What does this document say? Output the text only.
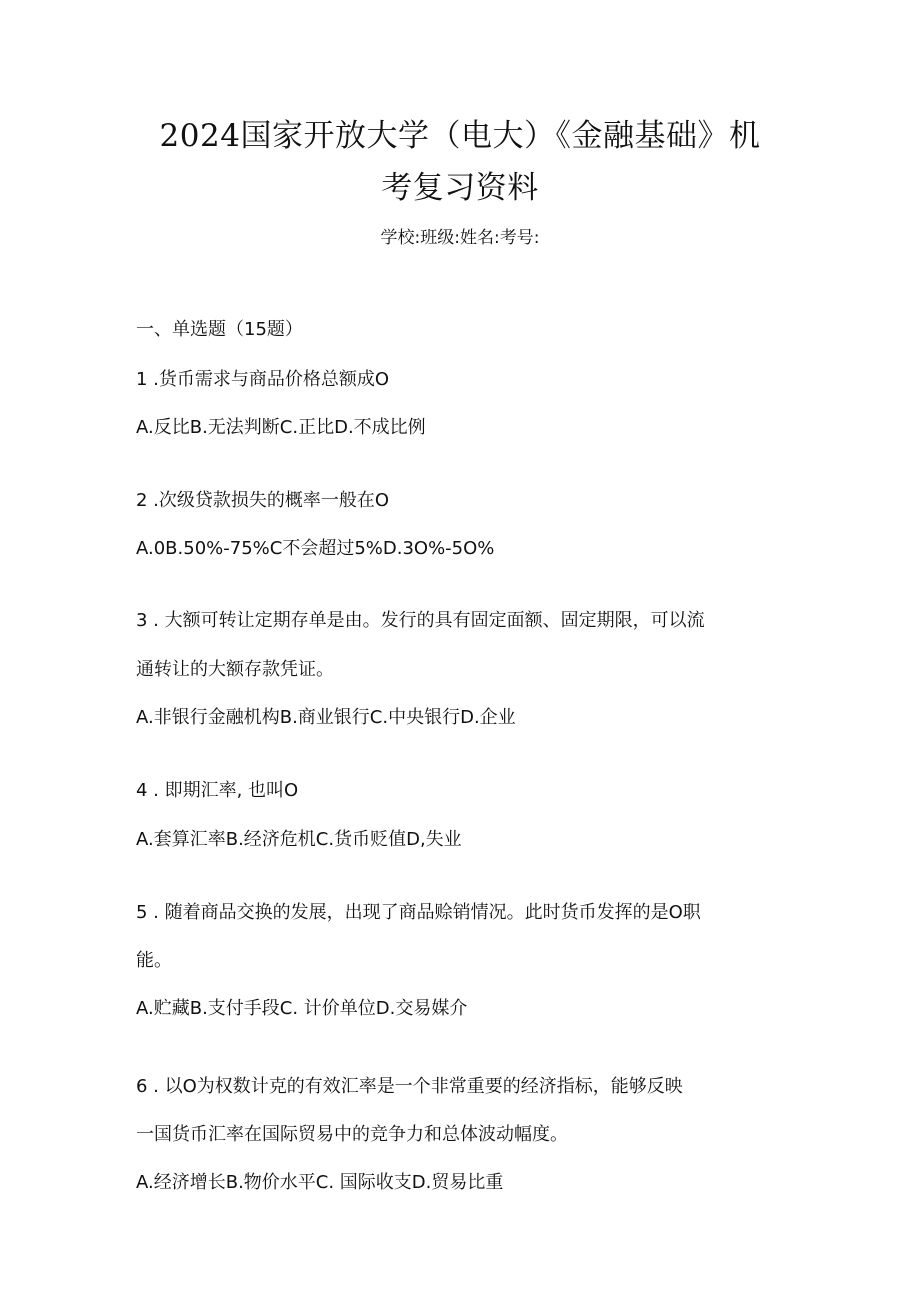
2024国家开放大学（电大）《金融基础》机
考复习资料
学校:班级:姓名:考号:
一、单选题（15题）
1 .货币需求与商品价格总额成O
A.反比B.无法判断C.正比D.不成比例
2 .次级贷款损失的概率一般在O
A.0B.50%-75%C不会超过5%D.3O%-5O%
3 . 大额可转让定期存单是由。发行的具有固定面额、固定期限，可以流
通转让的大额存款凭证。
A.非银行金融机构B.商业银行C.中央银行D.企业
4 . 即期汇率, 也叫O
A.套算汇率B.经济危机C.货币贬值D,失业
5 . 随着商品交换的发展，出现了商品赊销情况。此时货币发挥的是O职
能。
A.贮藏B.支付手段C. 计价单位D.交易媒介
6 . 以O为权数计克的有效汇率是一个非常重要的经济指标，能够反映
一国货币汇率在国际贸易中的竞争力和总体波动幅度。
A.经济增长B.物价水平C. 国际收支D.贸易比重
